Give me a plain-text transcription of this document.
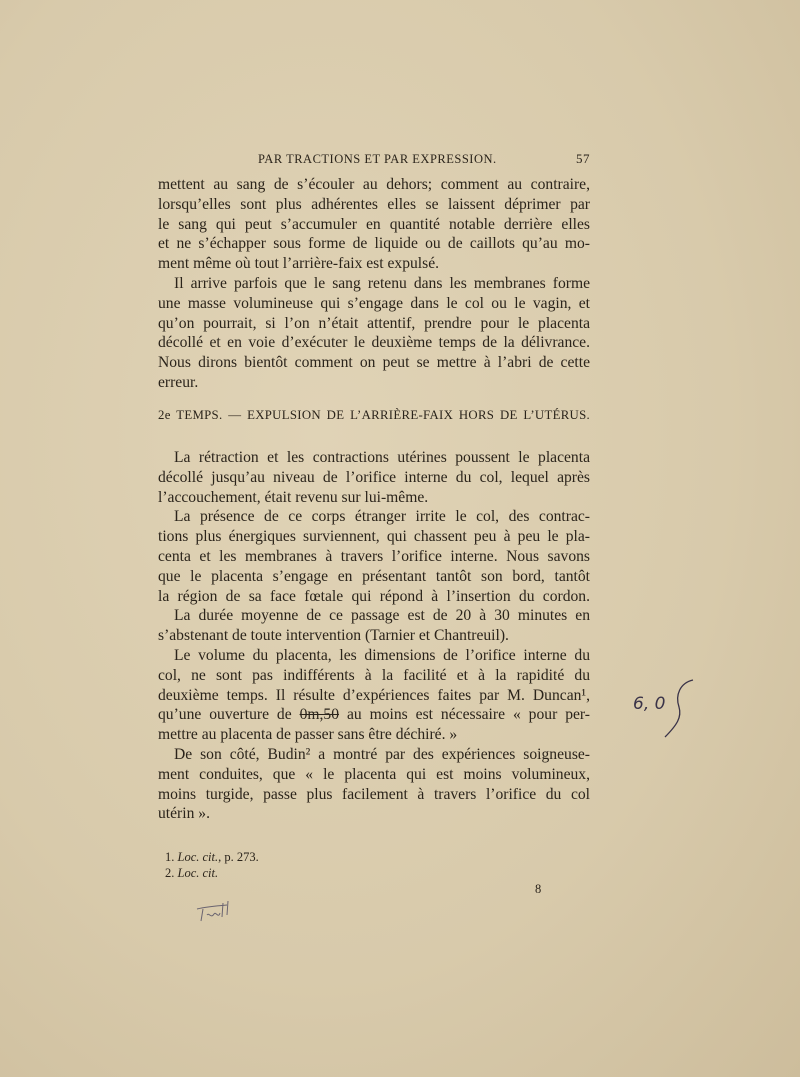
PAR TRACTIONS ET PAR EXPRESSION.	57
mettent au sang de s’écouler au dehors; comment au contraire,
lorsqu’elles sont plus adhérentes elles se laissent déprimer par
le sang qui peut s’accumuler en quantité notable derrière elles
et ne s’échapper sous forme de liquide ou de caillots qu’au mo-
ment même où tout l’arrière-faix est expulsé.
Il arrive parfois que le sang retenu dans les membranes forme
une masse volumineuse qui s’engage dans le col ou le vagin, et
qu’on pourrait, si l’on n’était attentif, prendre pour le placenta
décollé et en voie d’exécuter le deuxième temps de la délivrance.
Nous dirons bientôt comment on peut se mettre à l’abri de cette
erreur.
2e TEMPS. — EXPULSION DE L’ARRIÈRE-FAIX HORS DE L’UTÉRUS.
La rétraction et les contractions utérines poussent le placenta
décollé jusqu’au niveau de l’orifice interne du col, lequel après
l’accouchement, était revenu sur lui-même.
La présence de ce corps étranger irrite le col, des contrac-
tions plus énergiques surviennent, qui chassent peu à peu le pla-
centa et les membranes à travers l’orifice interne. Nous savons
que le placenta s’engage en présentant tantôt son bord, tantôt
la région de sa face fœtale qui répond à l’insertion du cordon.
La durée moyenne de ce passage est de 20 à 30 minutes en
s’abstenant de toute intervention (Tarnier et Chantreuil).
Le volume du placenta, les dimensions de l’orifice interne du
col, ne sont pas indifférents à la facilité et à la rapidité du
deuxième temps. Il résulte d’expériences faites par M. Duncan¹,
qu’une ouverture de 0m,50 au moins est nécessaire « pour per-
mettre au placenta de passer sans être déchiré. »
De son côté, Budin² a montré par des expériences soigneuse-
ment conduites, que « le placenta qui est moins volumineux,
moins turgide, passe plus facilement à travers l’orifice du col
utérin ».
1. Loc. cit., p. 273.
2. Loc. cit.
8
6, 0
